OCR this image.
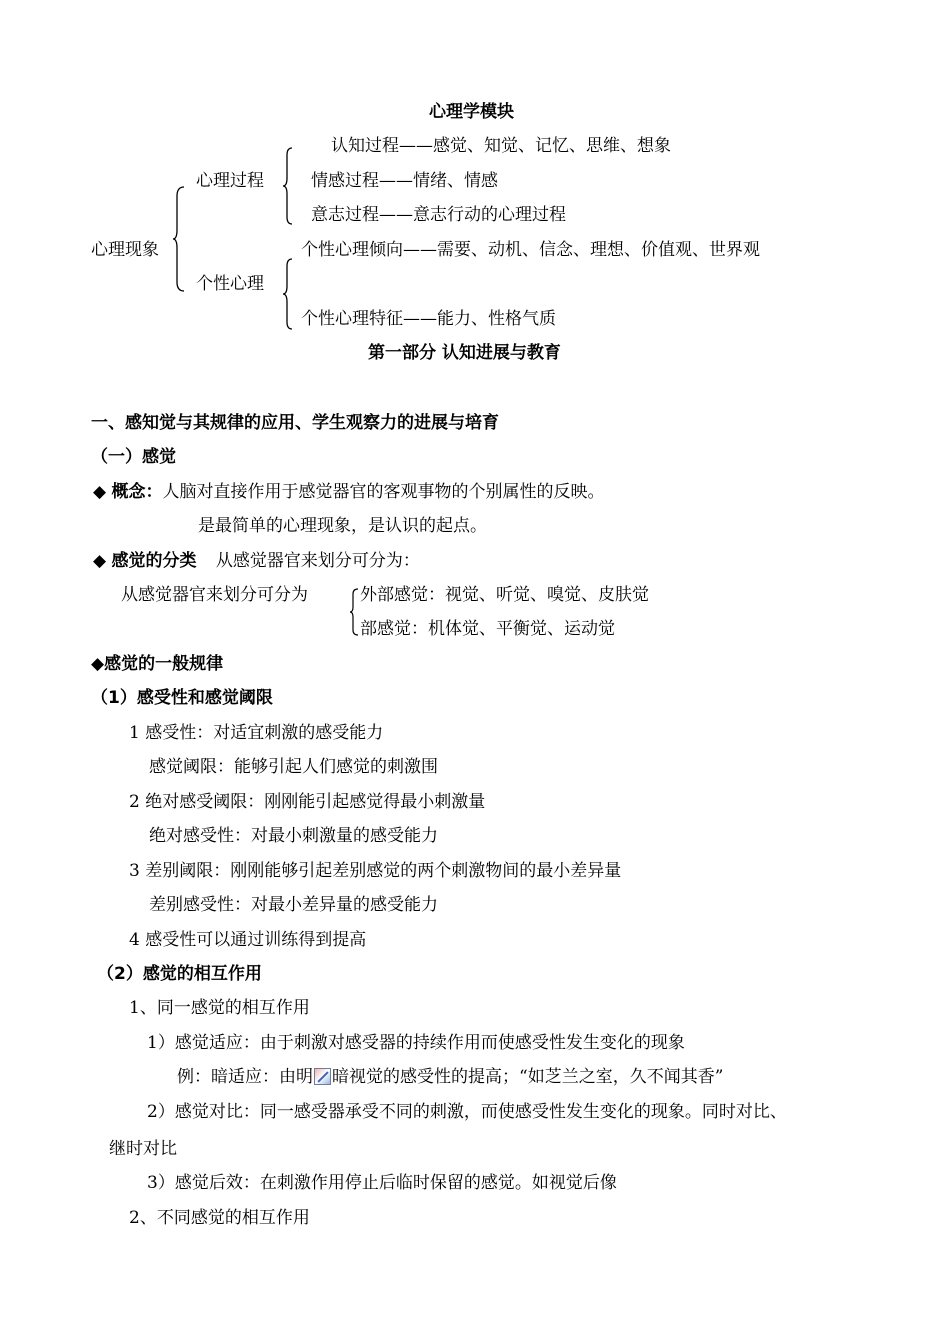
心理学模块
心理现象
心理过程
认知过程——感觉、知觉、记忆、思维、想象
情感过程——情绪、情感
意志过程——意志行动的心理过程
个性心理
个性心理倾向——需要、动机、信念、理想、价值观、世界观
个性心理特征——能力、性格气质
第一部分 认知进展与教育
一、感知觉与其规律的应用、学生观察力的进展与培育
（一）感觉
◆ 概念：人脑对直接作用于感觉器官的客观事物的个别属性的反映。
是最简单的心理现象，是认识的起点。
◆ 感觉的分类 从感觉器官来划分可分为：
从感觉器官来划分可分为	外部感觉：视觉、听觉、嗅觉、皮肤觉
部感觉：机体觉、平衡觉、运动觉
◆感觉的一般规律
（1）感受性和感觉阈限
1 感受性：对适宜刺激的感受能力
感觉阈限：能够引起人们感觉的刺激围
2 绝对感受阈限：刚刚能引起感觉得最小刺激量
绝对感受性：对最小刺激量的感受能力
3 差别阈限：刚刚能够引起差别感觉的两个刺激物间的最小差异量
差别感受性：对最小差异量的感受能力
4 感受性可以通过训练得到提高
（2）感觉的相互作用
1、同一感觉的相互作用
1）感觉适应：由于刺激对感受器的持续作用而使感受性发生变化的现象
例：暗适应：由明 暗视觉的感受性的提高；“如芝兰之室，久不闻其香”
2）感觉对比：同一感受器承受不同的刺激，而使感受性发生变化的现象。同时对比、
继时对比
3）感觉后效：在刺激作用停止后临时保留的感觉。如视觉后像
2、不同感觉的相互作用
